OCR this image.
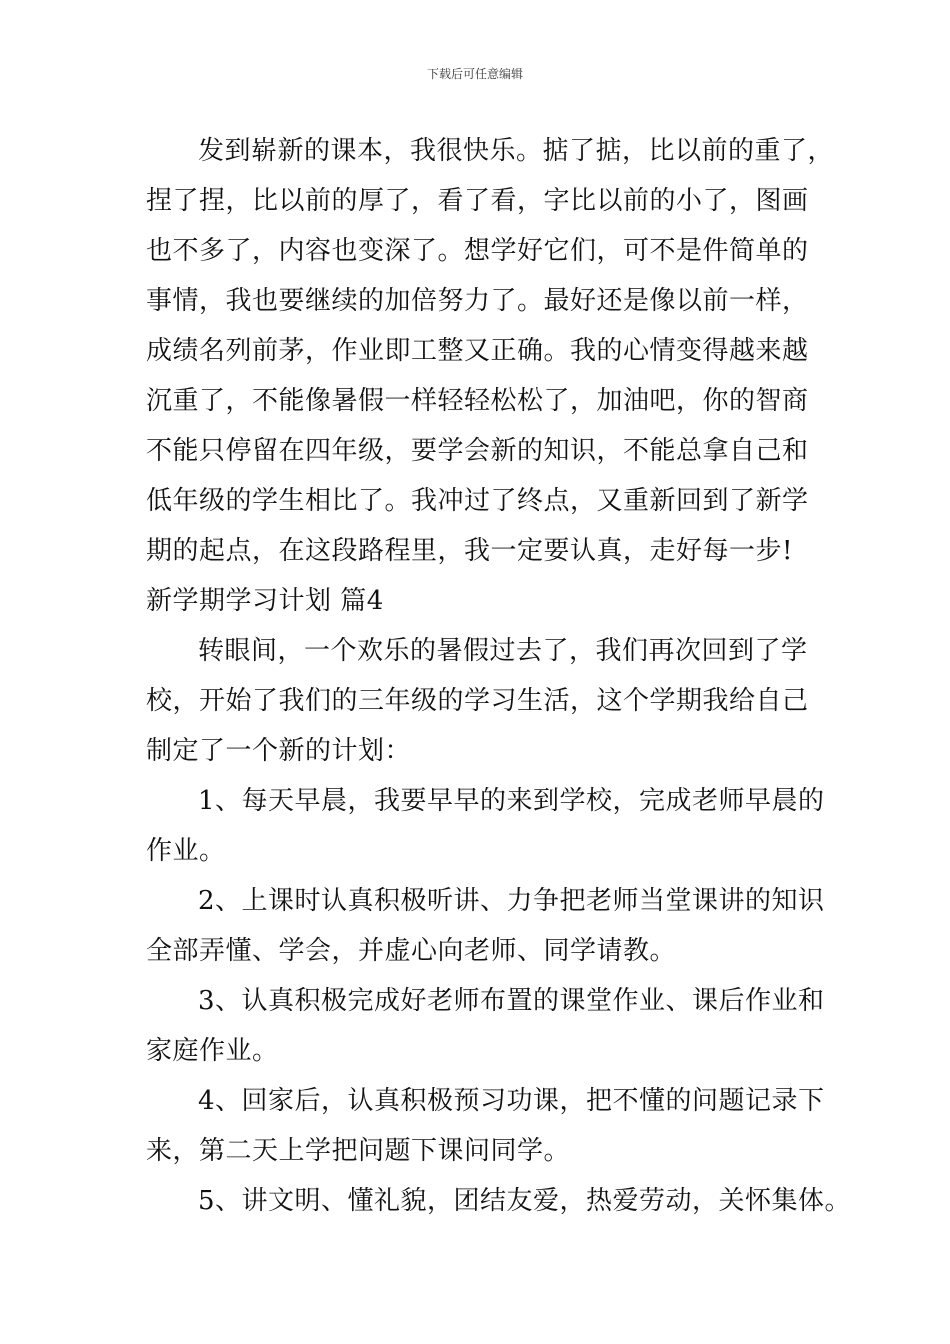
下载后可任意编辑
发到崭新的课本，我很快乐。掂了掂，比以前的重了，
捏了捏，比以前的厚了，看了看，字比以前的小了，图画
也不多了，内容也变深了。想学好它们，可不是件简单的
事情，我也要继续的加倍努力了。最好还是像以前一样，
成绩名列前茅，作业即工整又正确。我的心情变得越来越
沉重了，不能像暑假一样轻轻松松了，加油吧，你的智商
不能只停留在四年级，要学会新的知识，不能总拿自己和
低年级的学生相比了。我冲过了终点，又重新回到了新学
期的起点，在这段路程里，我一定要认真，走好每一步!
新学期学习计划 篇4
转眼间，一个欢乐的暑假过去了，我们再次回到了学
校，开始了我们的三年级的学习生活，这个学期我给自己
制定了一个新的计划：
1、每天早晨，我要早早的来到学校，完成老师早晨的
作业。
2、上课时认真积极听讲、力争把老师当堂课讲的知识
全部弄懂、学会，并虚心向老师、同学请教。
3、认真积极完成好老师布置的课堂作业、课后作业和
家庭作业。
4、回家后，认真积极预习功课，把不懂的问题记录下
来，第二天上学把问题下课问同学。
5、讲文明、懂礼貌，团结友爱，热爱劳动，关怀集体。
